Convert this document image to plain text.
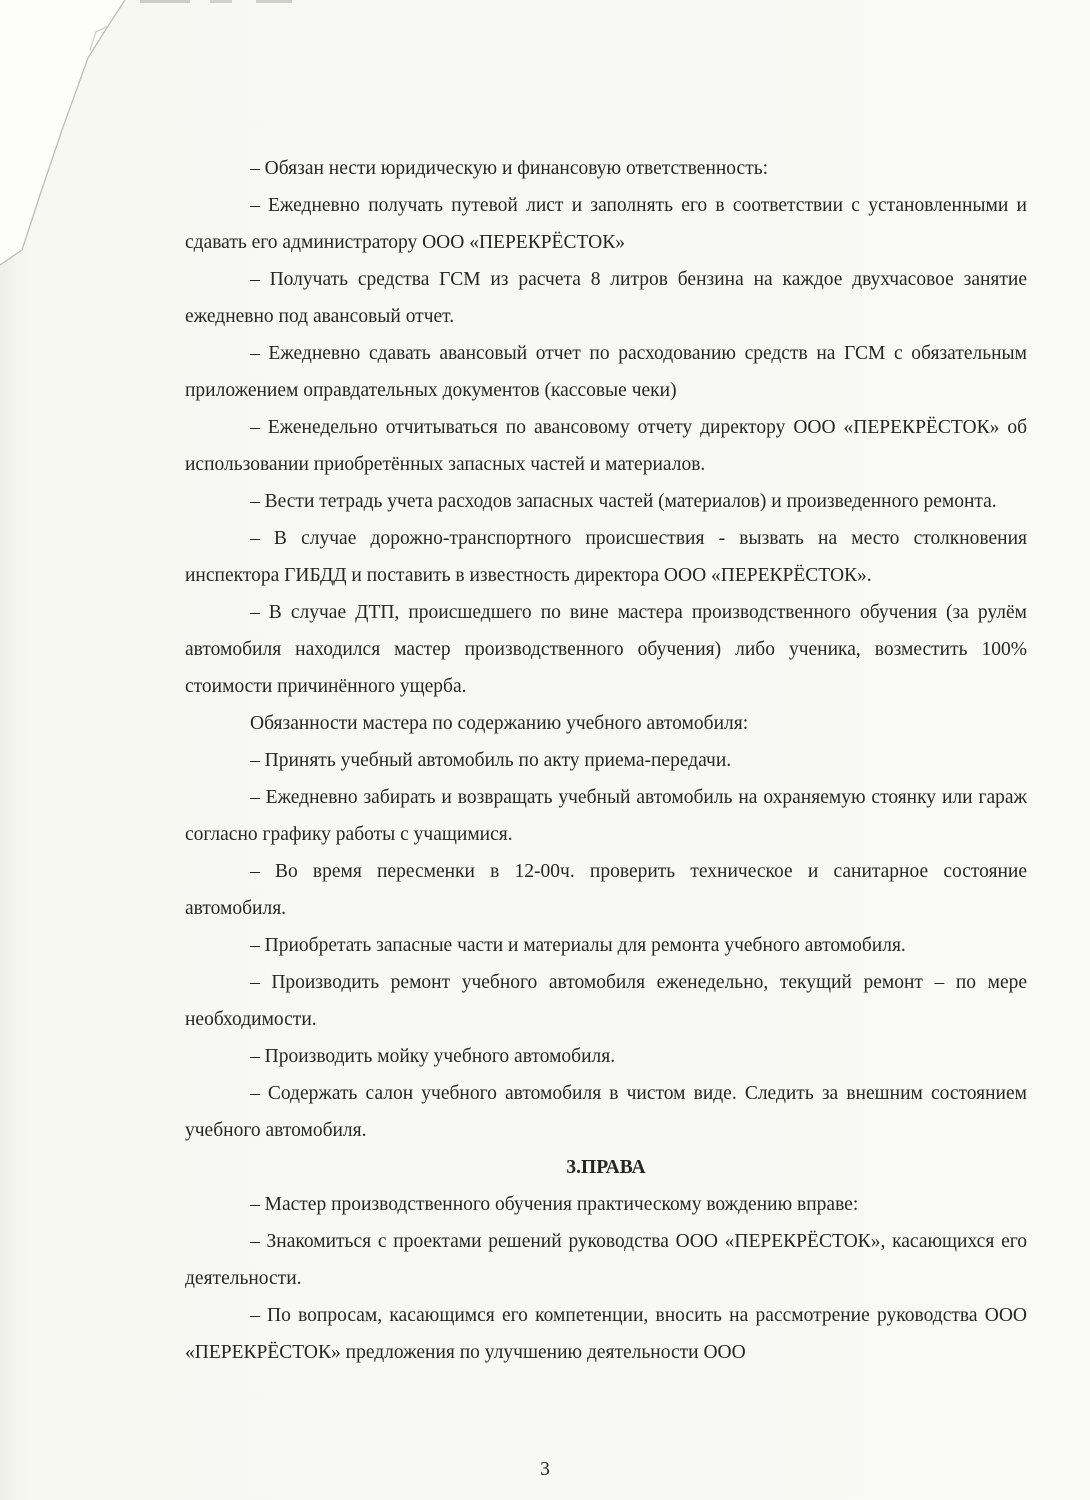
– Обязан нести юридическую и финансовую ответственность:

– Ежедневно получать путевой лист и заполнять его в соответствии с установленными и сдавать его администратору ООО «ПЕРЕКРЁСТОК»

– Получать средства ГСМ из расчета 8 литров бензина на каждое двухчасовое занятие ежедневно под авансовый отчет.

– Ежедневно сдавать авансовый отчет по расходованию средств на ГСМ с обязательным приложением оправдательных документов (кассовые чеки)

– Еженедельно отчитываться по авансовому отчету директору ООО «ПЕРЕКРЁСТОК» об использовании приобретённых запасных частей и материалов.

– Вести тетрадь учета расходов запасных частей (материалов) и произведенного ремонта.

– В случае дорожно-транспортного происшествия - вызвать на место столкновения инспектора ГИБДД и поставить в известность директора ООО «ПЕРЕКРЁСТОК».

– В случае ДТП, происшедшего по вине мастера производственного обучения (за рулём автомобиля находился мастер производственного обучения) либо ученика, возместить 100% стоимости причинённого ущерба.

Обязанности мастера по содержанию учебного автомобиля:

– Принять учебный автомобиль по акту приема-передачи.

– Ежедневно забирать и возвращать учебный автомобиль на охраняемую стоянку или гараж согласно графику работы с учащимися.

– Во время пересменки в 12-00ч. проверить техническое и санитарное состояние автомобиля.

– Приобретать запасные части и материалы для ремонта учебного автомобиля.

– Производить ремонт учебного автомобиля еженедельно, текущий ремонт – по мере необходимости.

– Производить мойку учебного автомобиля.

– Содержать салон учебного автомобиля в чистом виде. Следить за внешним состоянием учебного автомобиля.

3.ПРАВА

– Мастер производственного обучения практическому вождению вправе:

– Знакомиться с проектами решений руководства ООО «ПЕРЕКРЁСТОК», касающихся его деятельности.

– По вопросам, касающимся его компетенции, вносить на рассмотрение руководства ООО «ПЕРЕКРЁСТОК» предложения по улучшению деятельности ООО

3
